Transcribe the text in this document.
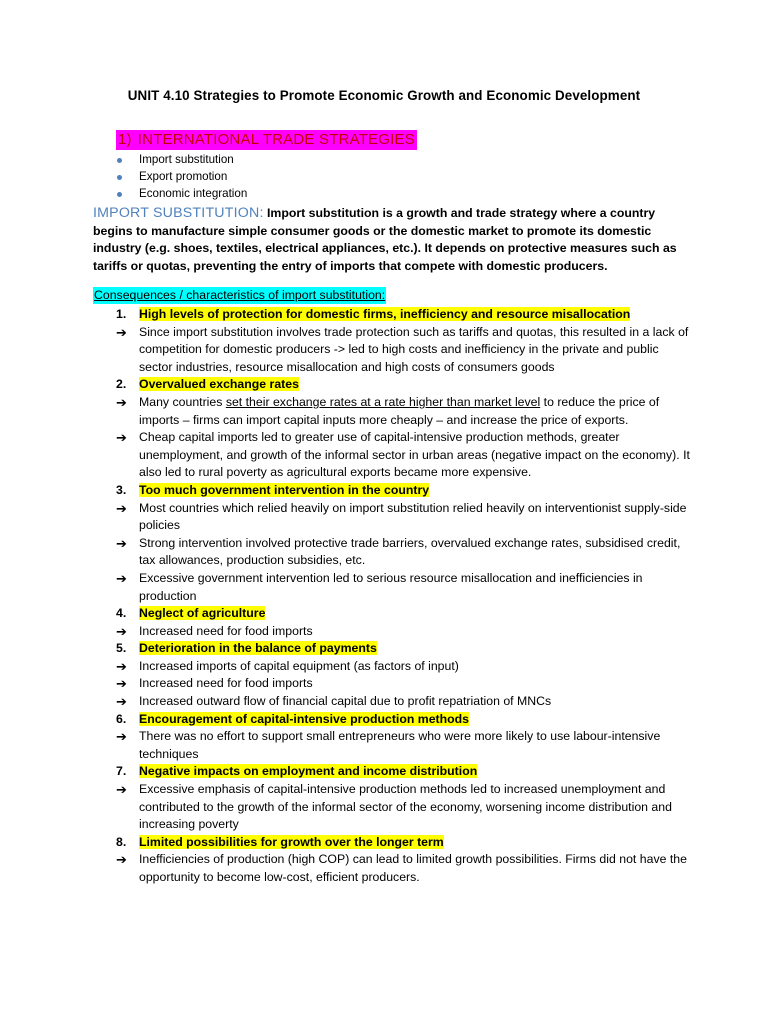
UNIT 4.10 Strategies to Promote Economic Growth and Economic Development
1) INTERNATIONAL TRADE STRATEGIES
Import substitution
Export promotion
Economic integration
IMPORT SUBSTITUTION: Import substitution is a growth and trade strategy where a country begins to manufacture simple consumer goods or the domestic market to promote its domestic industry (e.g. shoes, textiles, electrical appliances, etc.). It depends on protective measures such as tariffs or quotas, preventing the entry of imports that compete with domestic producers.
Consequences / characteristics of import substitution:
1.	High levels of protection for domestic firms, inefficiency and resource misallocation
➔ Since import substitution involves trade protection such as tariffs and quotas, this resulted in a lack of competition for domestic producers -> led to high costs and inefficiency in the private and public sector industries, resource misallocation and high costs of consumers goods
2.	Overvalued exchange rates
➔ Many countries set their exchange rates at a rate higher than market level to reduce the price of imports – firms can import capital inputs more cheaply – and increase the price of exports.
➔ Cheap capital imports led to greater use of capital-intensive production methods, greater unemployment, and growth of the informal sector in urban areas (negative impact on the economy). It also led to rural poverty as agricultural exports became more expensive.
3.	Too much government intervention in the country
➔ Most countries which relied heavily on import substitution relied heavily on interventionist supply-side policies
➔ Strong intervention involved protective trade barriers, overvalued exchange rates, subsidised credit, tax allowances, production subsidies, etc.
➔ Excessive government intervention led to serious resource misallocation and inefficiencies in production
4.	Neglect of agriculture
➔ Increased need for food imports
5.	Deterioration in the balance of payments
➔ Increased imports of capital equipment (as factors of input)
➔ Increased need for food imports
➔ Increased outward flow of financial capital due to profit repatriation of MNCs
6.	Encouragement of capital-intensive production methods
➔ There was no effort to support small entrepreneurs who were more likely to use labour-intensive techniques
7.	Negative impacts on employment and income distribution
➔ Excessive emphasis of capital-intensive production methods led to increased unemployment and contributed to the growth of the informal sector of the economy, worsening income distribution and increasing poverty
8.	Limited possibilities for growth over the longer term
➔ Inefficiencies of production (high COP) can lead to limited growth possibilities. Firms did not have the opportunity to become low-cost, efficient producers.
